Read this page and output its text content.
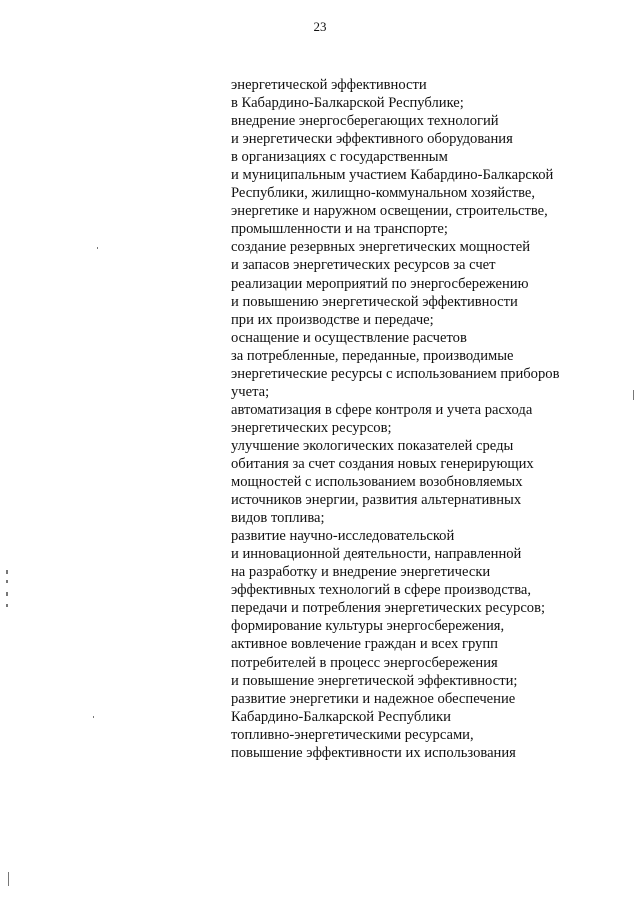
23
энергетической эффективности
в Кабардино-Балкарской Республике;
внедрение энергосберегающих технологий
и энергетически эффективного оборудования
в организациях с государственным
и муниципальным участием Кабардино-Балкарской
Республики, жилищно-коммунальном хозяйстве,
энергетике и наружном освещении, строительстве,
промышленности и на транспорте;
создание резервных энергетических мощностей
и запасов энергетических ресурсов за счет
реализации мероприятий по энергосбережению
и повышению энергетической эффективности
при их производстве и передаче;
оснащение и осуществление расчетов
за потребленные, переданные, производимые
энергетические ресурсы с использованием приборов
учета;
автоматизация в сфере контроля и учета расхода
энергетических ресурсов;
улучшение экологических показателей среды
обитания за счет создания новых генерирующих
мощностей с использованием возобновляемых
источников энергии, развития альтернативных
видов топлива;
развитие научно-исследовательской
и инновационной деятельности, направленной
на разработку и внедрение энергетически
эффективных технологий в сфере производства,
передачи и потребления энергетических ресурсов;
формирование культуры энергосбережения,
активное вовлечение граждан и всех групп
потребителей в процесс энергосбережения
и повышение энергетической эффективности;
развитие энергетики и надежное обеспечение
Кабардино-Балкарской Республики
топливно-энергетическими ресурсами,
повышение эффективности их использования
